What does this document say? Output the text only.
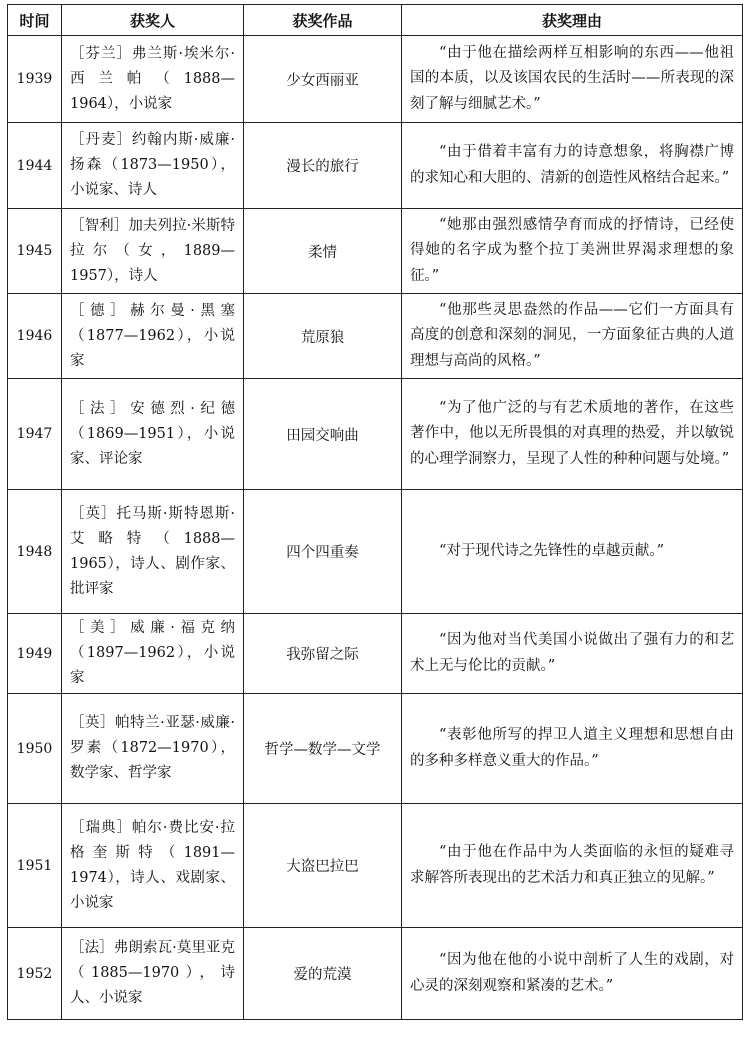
时间	获奖人	获奖作品	获奖理由
1939	［芬兰］弗兰斯·埃米尔·西兰帕（1888—1964），小说家	少女西丽亚	“由于他在描绘两样互相影响的东西——他祖国的本质，以及该国农民的生活时——所表现的深刻了解与细腻艺术。”

1944	［丹麦］约翰内斯·威廉·扬森（1873—1950），小说家、诗人	漫长的旅行	“由于借着丰富有力的诗意想象，将胸襟广博的求知心和大胆的、清新的创造性风格结合起来。”

1945	［智利］加夫列拉·米斯特拉尔（女，1889—1957），诗人	柔情	“她那由强烈感情孕育而成的抒情诗，已经使得她的名字成为整个拉丁美洲世界渴求理想的象征。”

1946	［德］赫尔曼·黑塞（1877—1962），小说家	荒原狼	“他那些灵思盎然的作品——它们一方面具有高度的创意和深刻的洞见，一方面象征古典的人道理想与高尚的风格。”

1947	［法］安德烈·纪德（1869—1951），小说家、评论家	田园交响曲	“为了他广泛的与有艺术质地的著作，在这些著作中，他以无所畏惧的对真理的热爱，并以敏锐的心理学洞察力，呈现了人性的种种问题与处境。”

1948	［英］托马斯·斯特恩斯·艾略特（1888—1965），诗人、剧作家、批评家	四个四重奏	“对于现代诗之先锋性的卓越贡献。”

1949	［美］威廉·福克纳（1897—1962），小说家	我弥留之际	“因为他对当代美国小说做出了强有力的和艺术上无与伦比的贡献。”

1950	［英］帕特兰·亚瑟·威廉·罗素（1872—1970），数学家、哲学家	哲学—数学—文学	“表彰他所写的捍卫人道主义理想和思想自由的多种多样意义重大的作品。”

1951	［瑞典］帕尔·费比安·拉格奎斯特（1891—1974），诗人、戏剧家、小说家	大盗巴拉巴	“由于他在作品中为人类面临的永恒的疑难寻求解答所表现出的艺术活力和真正独立的见解。”

1952	［法］弗朗索瓦·莫里亚克（1885—1970），诗人、小说家	爱的荒漠	“因为他在他的小说中剖析了人生的戏剧，对心灵的深刻观察和紧凑的艺术。”
